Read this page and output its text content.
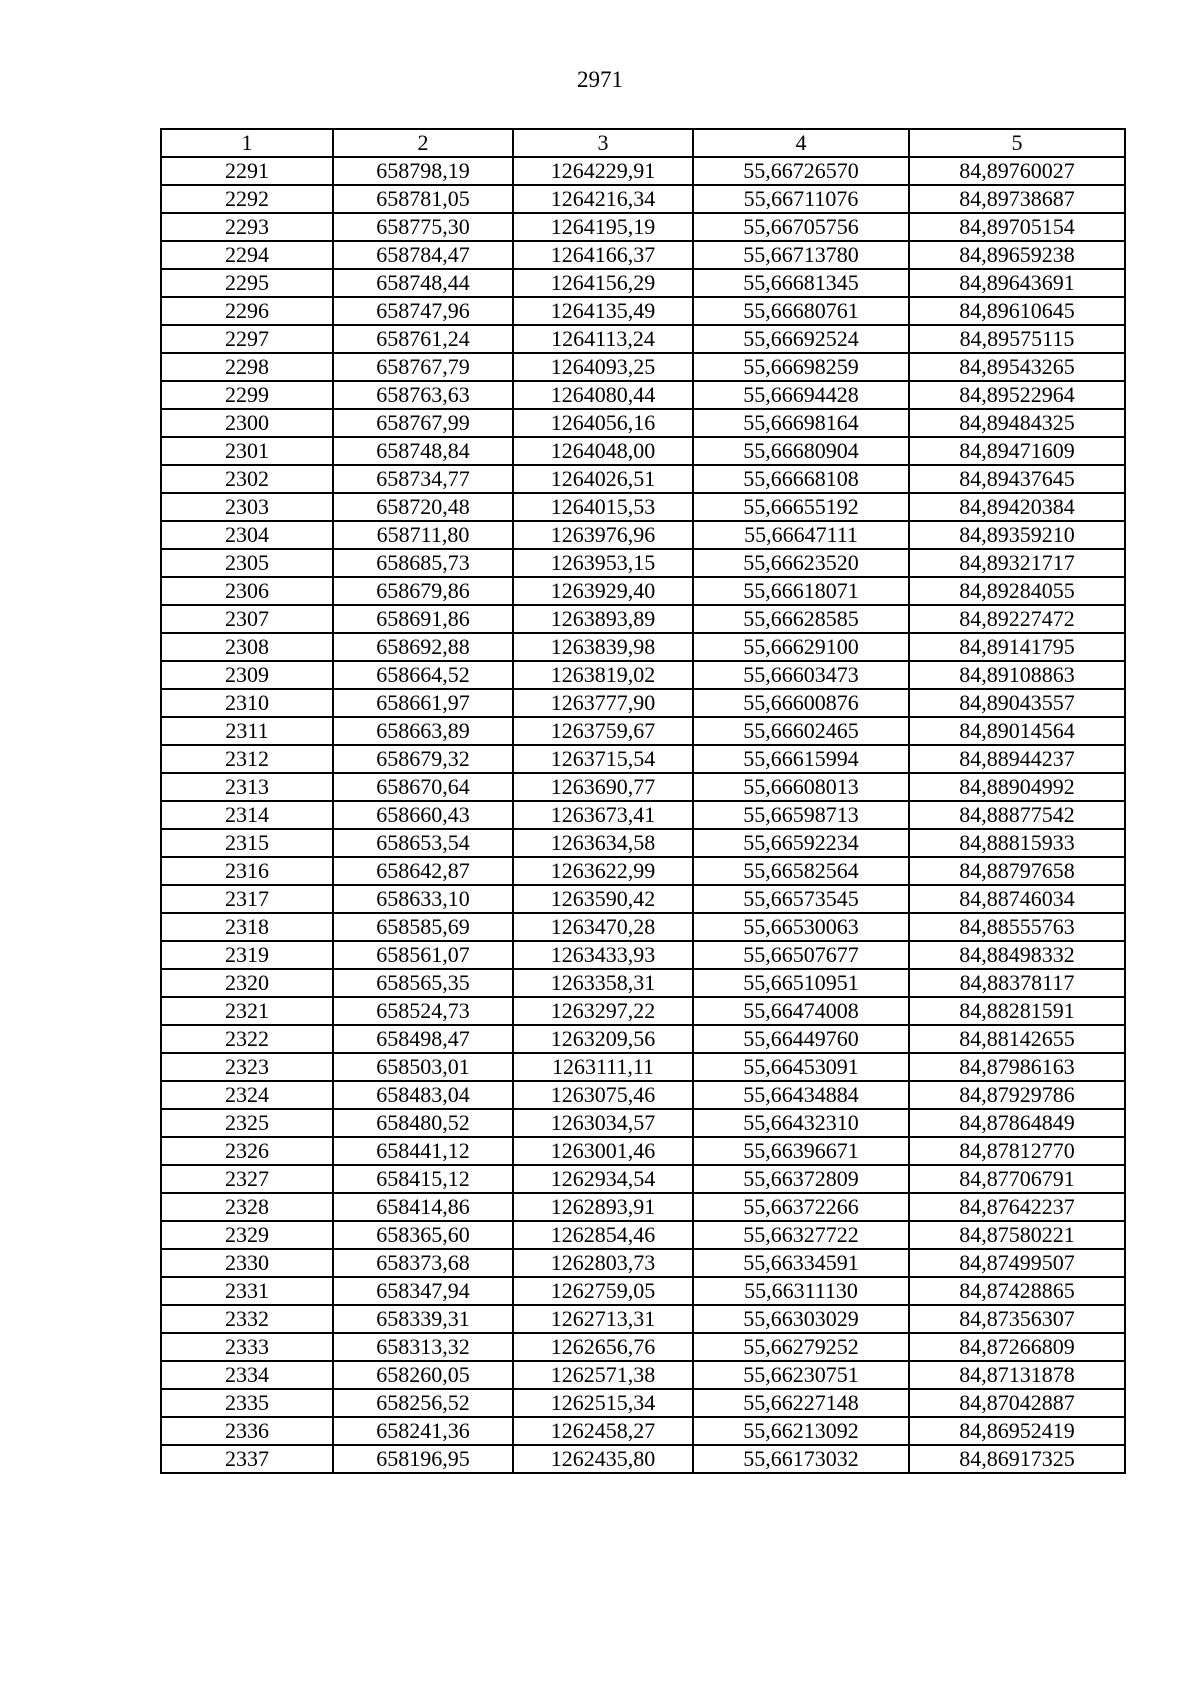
2971
1	2	3	4	5
2291	658798,19	1264229,91	55,66726570	84,89760027
2292	658781,05	1264216,34	55,66711076	84,89738687
2293	658775,30	1264195,19	55,66705756	84,89705154
2294	658784,47	1264166,37	55,66713780	84,89659238
2295	658748,44	1264156,29	55,66681345	84,89643691
2296	658747,96	1264135,49	55,66680761	84,89610645
2297	658761,24	1264113,24	55,66692524	84,89575115
2298	658767,79	1264093,25	55,66698259	84,89543265
2299	658763,63	1264080,44	55,66694428	84,89522964
2300	658767,99	1264056,16	55,66698164	84,89484325
2301	658748,84	1264048,00	55,66680904	84,89471609
2302	658734,77	1264026,51	55,66668108	84,89437645
2303	658720,48	1264015,53	55,66655192	84,89420384
2304	658711,80	1263976,96	55,66647111	84,89359210
2305	658685,73	1263953,15	55,66623520	84,89321717
2306	658679,86	1263929,40	55,66618071	84,89284055
2307	658691,86	1263893,89	55,66628585	84,89227472
2308	658692,88	1263839,98	55,66629100	84,89141795
2309	658664,52	1263819,02	55,66603473	84,89108863
2310	658661,97	1263777,90	55,66600876	84,89043557
2311	658663,89	1263759,67	55,66602465	84,89014564
2312	658679,32	1263715,54	55,66615994	84,88944237
2313	658670,64	1263690,77	55,66608013	84,88904992
2314	658660,43	1263673,41	55,66598713	84,88877542
2315	658653,54	1263634,58	55,66592234	84,88815933
2316	658642,87	1263622,99	55,66582564	84,88797658
2317	658633,10	1263590,42	55,66573545	84,88746034
2318	658585,69	1263470,28	55,66530063	84,88555763
2319	658561,07	1263433,93	55,66507677	84,88498332
2320	658565,35	1263358,31	55,66510951	84,88378117
2321	658524,73	1263297,22	55,66474008	84,88281591
2322	658498,47	1263209,56	55,66449760	84,88142655
2323	658503,01	1263111,11	55,66453091	84,87986163
2324	658483,04	1263075,46	55,66434884	84,87929786
2325	658480,52	1263034,57	55,66432310	84,87864849
2326	658441,12	1263001,46	55,66396671	84,87812770
2327	658415,12	1262934,54	55,66372809	84,87706791
2328	658414,86	1262893,91	55,66372266	84,87642237
2329	658365,60	1262854,46	55,66327722	84,87580221
2330	658373,68	1262803,73	55,66334591	84,87499507
2331	658347,94	1262759,05	55,66311130	84,87428865
2332	658339,31	1262713,31	55,66303029	84,87356307
2333	658313,32	1262656,76	55,66279252	84,87266809
2334	658260,05	1262571,38	55,66230751	84,87131878
2335	658256,52	1262515,34	55,66227148	84,87042887
2336	658241,36	1262458,27	55,66213092	84,86952419
2337	658196,95	1262435,80	55,66173032	84,86917325
